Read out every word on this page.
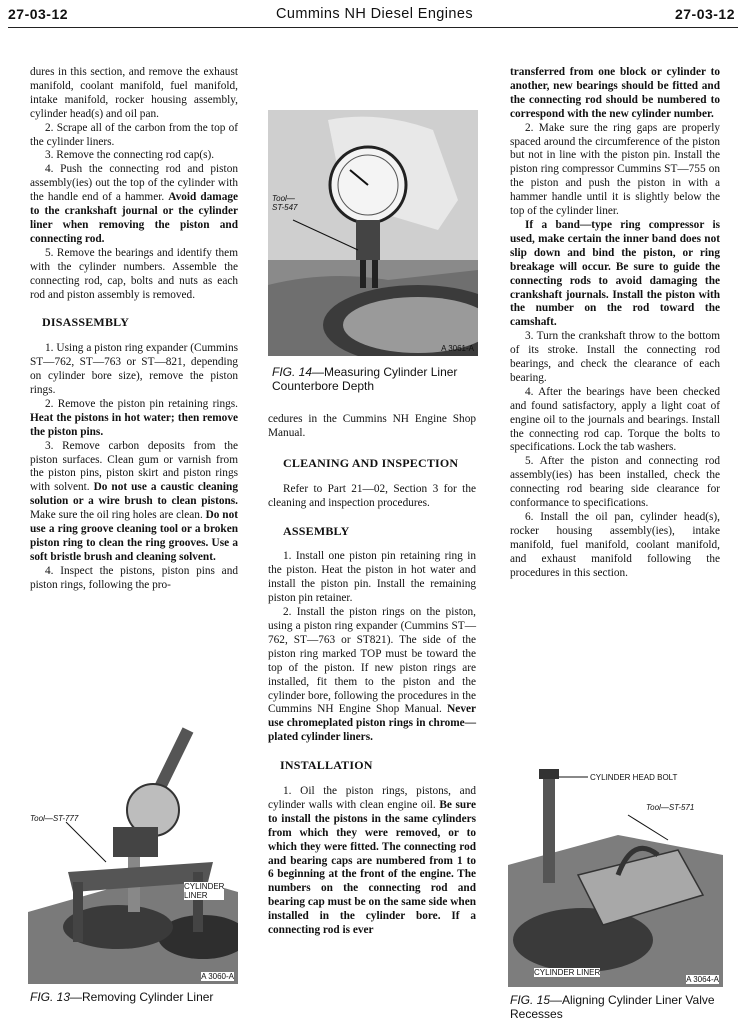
27-03-12	Cummins NH Diesel Engines	27-03-12

dures in this section, and remove the exhaust manifold, coolant manifold, fuel manifold, intake manifold, rocker housing assembly, cylinder head(s) and oil pan.

2. Scrape all of the carbon from the top of the cylinder liners.

3. Remove the connecting rod cap(s).

4. Push the connecting rod and piston assembly(ies) out the top of the cylinder with the handle end of a hammer. Avoid damage to the crankshaft journal or the cylinder liner when removing the piston and connecting rod.

5. Remove the bearings and identify them with the cylinder numbers. Assemble the connecting rod, cap, bolts and nuts as each rod and piston assembly is removed.

DISASSEMBLY

1. Using a piston ring expander (Cummins ST—762, ST—763 or ST—821, depending on cylinder bore size), remove the piston rings.

2. Remove the piston pin retaining rings. Heat the pistons in hot water; then remove the piston pins.

3. Remove carbon deposits from the piston surfaces. Clean gum or varnish from the piston pins, piston skirt and piston rings with solvent. Do not use a caustic cleaning solution or a wire brush to clean pistons. Make sure the oil ring holes are clean. Do not use a ring groove cleaning tool or a broken piston ring to clean the ring grooves. Use a soft bristle brush and cleaning solvent.

4. Inspect the pistons, piston pins and piston rings, following the pro-

Tool—
ST-547
A 3061-A
FIG. 14—Measuring Cylinder Liner Counterbore Depth

cedures in the Cummins NH Engine Shop Manual.

CLEANING AND INSPECTION

Refer to Part 21—02, Section 3 for the cleaning and inspection procedures.

ASSEMBLY

1. Install one piston pin retaining ring in the piston. Heat the piston in hot water and install the piston pin. Install the remaining piston pin retainer.

2. Install the piston rings on the piston, using a piston ring expander (Cummins ST—762, ST—763 or ST821). The side of the piston ring marked TOP must be toward the top of the piston. If new piston rings are installed, fit them to the piston and the cylinder bore, following the procedures in the Cummins NH Engine Shop Manual. Never use chromeplated piston rings in chrome—plated cylinder liners.

INSTALLATION

1. Oil the piston rings, pistons, and cylinder walls with clean engine oil. Be sure to install the pistons in the same cylinders from which they were removed, or to which they were fitted. The connecting rod and bearing caps are numbered from 1 to 6 beginning at the front of the engine. The numbers on the connecting rod and bearing cap must be on the same side when installed in the cylinder bore. If a connecting rod is ever

transferred from one block or cylinder to another, new bearings should be fitted and the connecting rod should be numbered to correspond with the new cylinder number.

2. Make sure the ring gaps are properly spaced around the circumference of the piston but not in line with the piston pin. Install the piston ring compressor Cummins ST—755 on the piston and push the piston in with a hammer handle until it is slightly below the top of the cylinder liner.

If a band—type ring compressor is used, make certain the inner band does not slip down and bind the piston, or ring breakage will occur. Be sure to guide the connecting rods to avoid damaging the crankshaft journals. Install the piston with the number on the rod toward the camshaft.

3. Turn the crankshaft throw to the bottom of its stroke. Install the connecting rod bearings, and check the clearance of each bearing.

4. After the bearings have been checked and found satisfactory, apply a light coat of engine oil to the journals and bearings. Install the connecting rod cap. Torque the bolts to specifications. Lock the tab washers.

5. After the piston and connecting rod assembly(ies) has been installed, check the connecting rod bearing side clearance for conformance to specifications.

6. Install the oil pan, cylinder head(s), rocker housing assembly(ies), intake manifold, fuel manifold, coolant manifold, and exhaust manifold following the procedures in this section.

Tool—ST-777
CYLINDER
LINER
A 3060-A
FIG. 13—Removing Cylinder Liner
CYLINDER HEAD BOLT
Tool—ST-571
CYLINDER LINER
A 3064-A
FIG. 15—Aligning Cylinder Liner Valve Recesses
